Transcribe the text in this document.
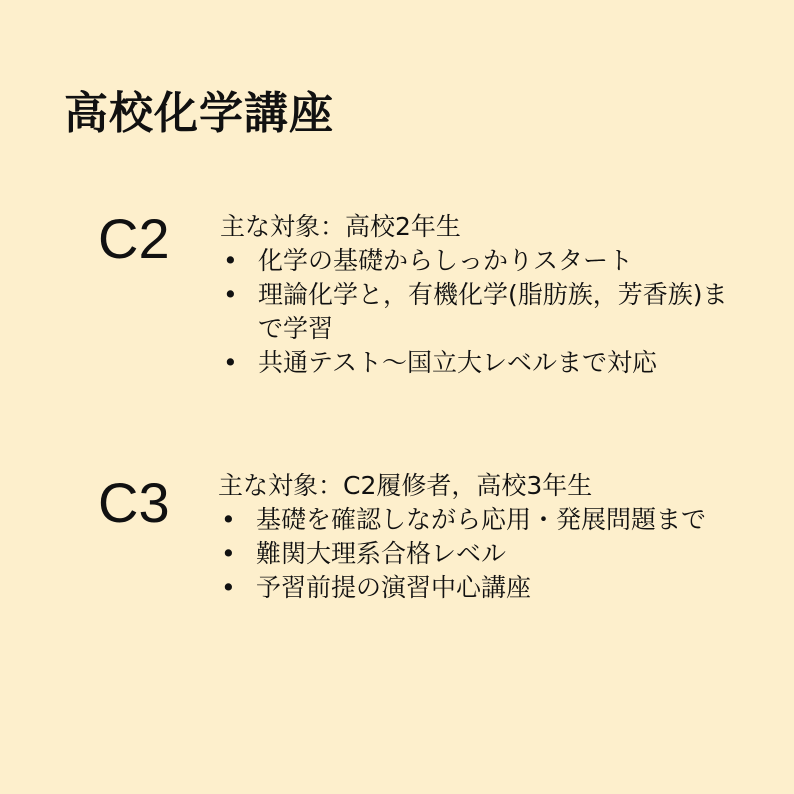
高校化学講座
C2 主な対象：高校2年生
• 化学の基礎からしっかりスタート
• 理論化学と，有機化学(脂肪族，芳香族)まで学習
• 共通テスト～国立大レベルまで対応
C3 主な対象：C2履修者，高校3年生
• 基礎を確認しながら応用・発展問題まで
• 難関大理系合格レベル
• 予習前提の演習中心講座
